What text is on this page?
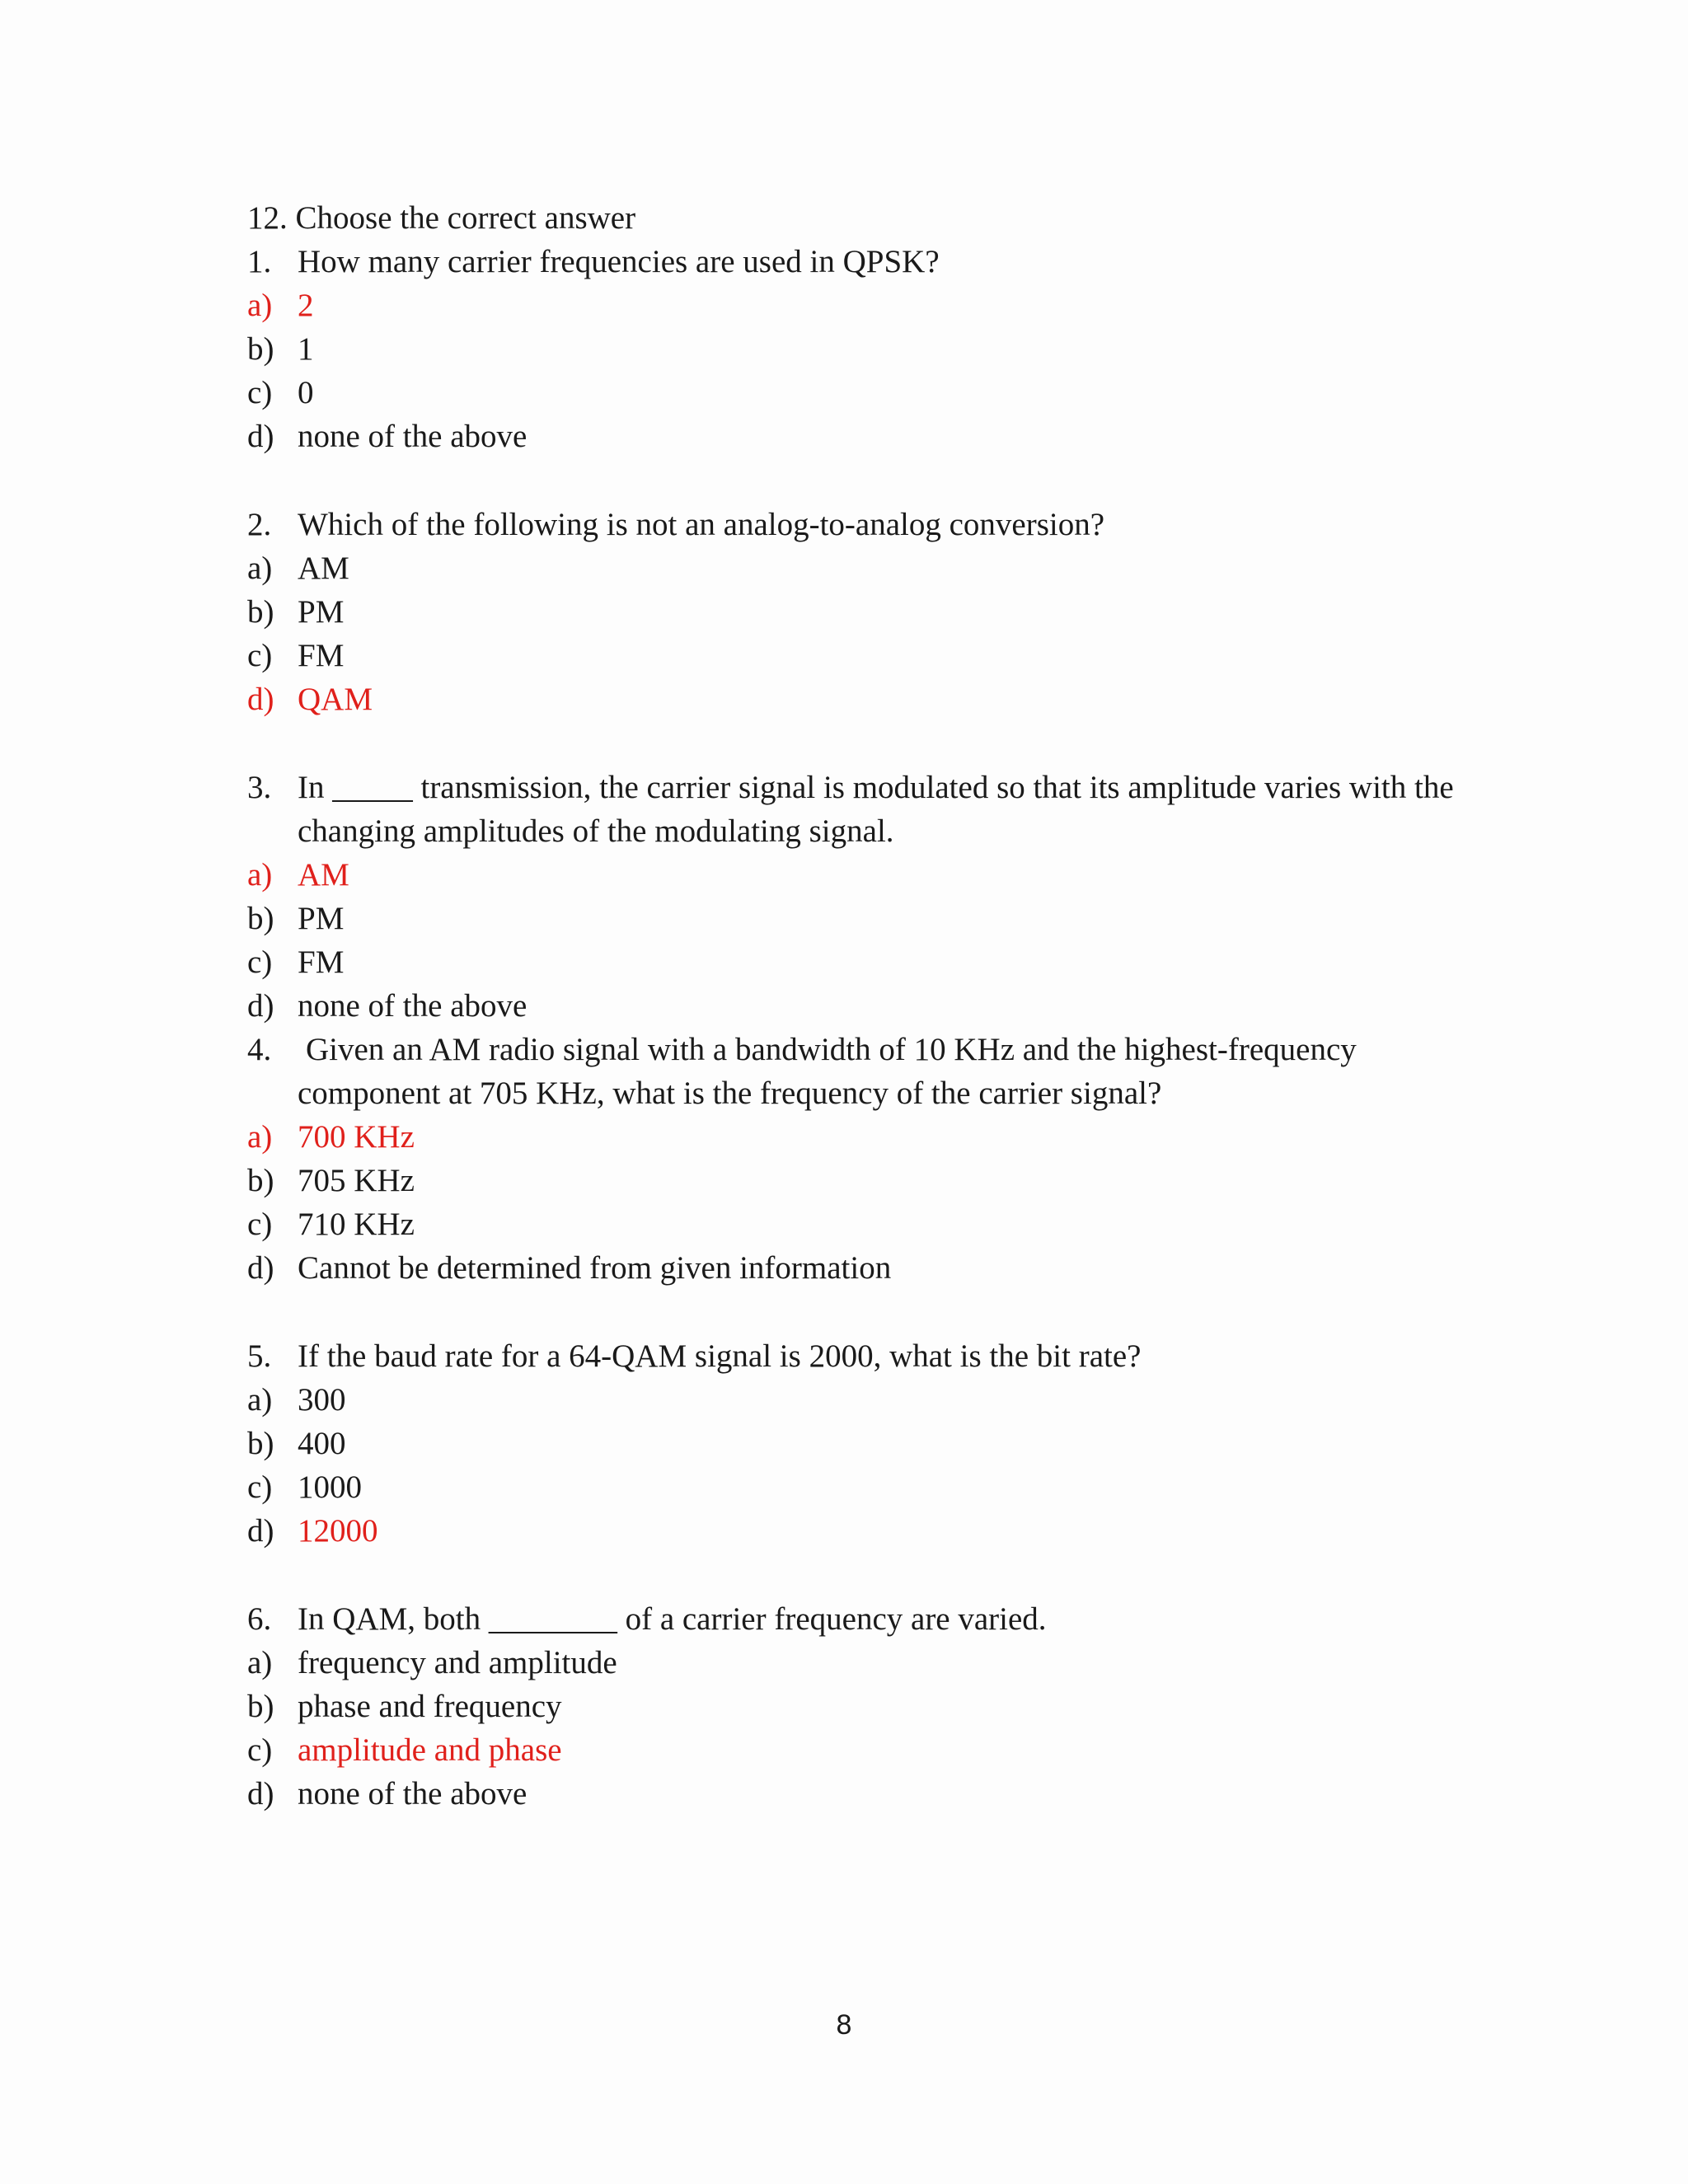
12. Choose the correct answer
1. How many carrier frequencies are used in QPSK?
a) 2
b) 1
c) 0
d) none of the above
2. Which of the following is not an analog-to-analog conversion?
a) AM
b) PM
c) FM
d) QAM
3. In _____ transmission, the carrier signal is modulated so that its amplitude varies with the
changing amplitudes of the modulating signal.
a) AM
b) PM
c) FM
d) none of the above
4. Given an AM radio signal with a bandwidth of 10 KHz and the highest-frequency
component at 705 KHz, what is the frequency of the carrier signal?
a) 700 KHz
b) 705 KHz
c) 710 KHz
d) Cannot be determined from given information
5. If the baud rate for a 64-QAM signal is 2000, what is the bit rate?
a) 300
b) 400
c) 1000
d) 12000
6. In QAM, both ________ of a carrier frequency are varied.
a) frequency and amplitude
b) phase and frequency
c) amplitude and phase
d) none of the above
8
